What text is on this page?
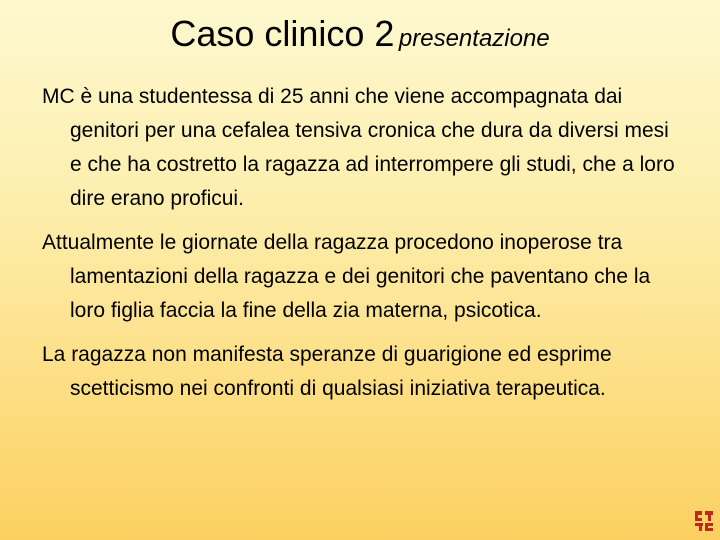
Caso clinico 2 presentazione

MC è una studentessa di 25 anni che viene accompagnata dai genitori per una cefalea tensiva cronica che dura da diversi mesi e che ha costretto la ragazza ad interrompere gli studi, che a loro dire erano proficui.

Attualmente le giornate della ragazza procedono inoperose tra lamentazioni della ragazza e dei genitori che paventano che la loro figlia faccia la fine della zia materna, psicotica.

La ragazza non manifesta speranze di guarigione ed esprime scetticismo nei confronti di qualsiasi iniziativa terapeutica.
